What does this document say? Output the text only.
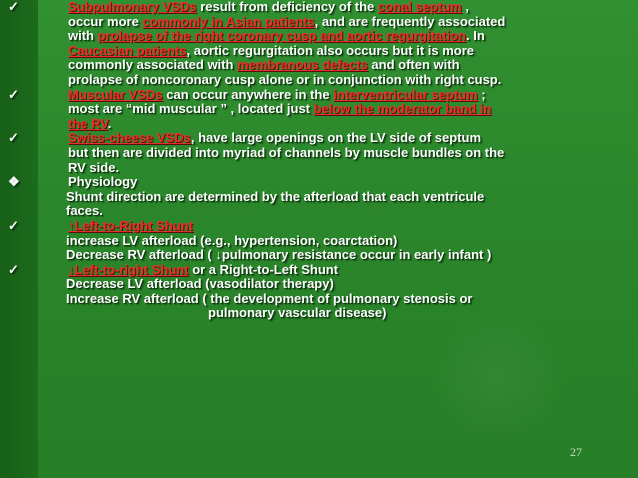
✓	Subpulmonary VSDs result from deficiency of the conal septum ,
occur more commonly in Asian patients, and are frequently associated
with prolapse of the right coronary cusp and aortic regurgitation. In
Caucasian patients, aortic regurgitation also occurs but it is more
commonly associated with membranous defects and often with
prolapse of noncoronary cusp alone or in conjunction with right cusp.
✓	Muscular VSDs can occur anywhere in the interventricular septum ;
most are “mid muscular ” , located just below the moderator band in
the RV.
✓	Swiss-cheese VSDs, have large openings on the LV side of septum
but then are divided into myriad of channels by muscle bundles on the
RV side.
❖	Physiology
Shunt direction are determined by the afterload that each ventricule
faces.
✓	↑Left-to-Right Shunt
increase LV afterload (e.g., hypertension, coarctation)
Decrease RV afterload ( ↓pulmonary resistance occur in early infant )
✓	↓Left-to-right Shunt or a Right-to-Left Shunt
Decrease LV afterload (vasodilator therapy)
Increase RV afterload ( the development of pulmonary stenosis or
pulmonary vascular disease)
27
